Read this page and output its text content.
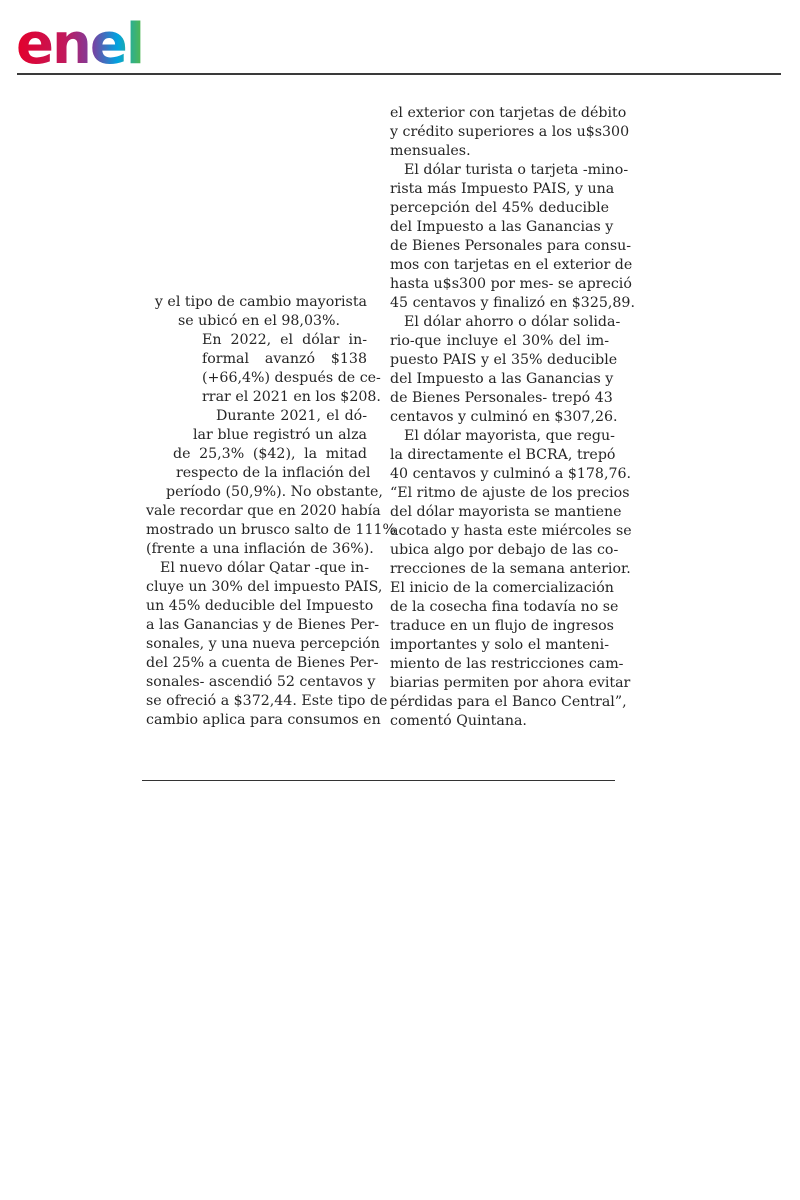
enel

y el tipo de cambio mayorista
se ubicó en el 98,03%.

En 2022, el dólar in-
formal avanzó $138
(+66,4%) después de ce-
rrar el 2021 en los $208.

Durante 2021, el dó-
lar blue registró un alza
de 25,3% ($42), la mitad
respecto de la inflación del
período (50,9%). No obstante,
vale recordar que en 2020 había
mostrado un brusco salto de 111%
(frente a una inflación de 36%).

El nuevo dólar Qatar -que in-
cluye un 30% del impuesto PAIS,
un 45% deducible del Impuesto
a las Ganancias y de Bienes Per-
sonales, y una nueva percepción
del 25% a cuenta de Bienes Per-
sonales- ascendió 52 centavos y
se ofreció a $372,44. Este tipo de
cambio aplica para consumos en

el exterior con tarjetas de débito
y crédito superiores a los u$s300
mensuales.

El dólar turista o tarjeta -mino-
rista más Impuesto PAIS, y una
percepción del 45% deducible
del Impuesto a las Ganancias y
de Bienes Personales para consu-
mos con tarjetas en el exterior de
hasta u$s300 por mes- se apreció
45 centavos y finalizó en $325,89.

El dólar ahorro o dólar solida-
rio-que incluye el 30% del im-
puesto PAIS y el 35% deducible
del Impuesto a las Ganancias y
de Bienes Personales- trepó 43
centavos y culminó en $307,26.

El dólar mayorista, que regu-
la directamente el BCRA, trepó
40 centavos y culminó a $178,76.
“El ritmo de ajuste de los precios
del dólar mayorista se mantiene
acotado y hasta este miércoles se
ubica algo por debajo de las co-
rrecciones de la semana anterior.
El inicio de la comercialización
de la cosecha fina todavía no se
traduce en un flujo de ingresos
importantes y solo el manteni-
miento de las restricciones cam-
biarias permiten por ahora evitar
pérdidas para el Banco Central”,
comentó Quintana.
